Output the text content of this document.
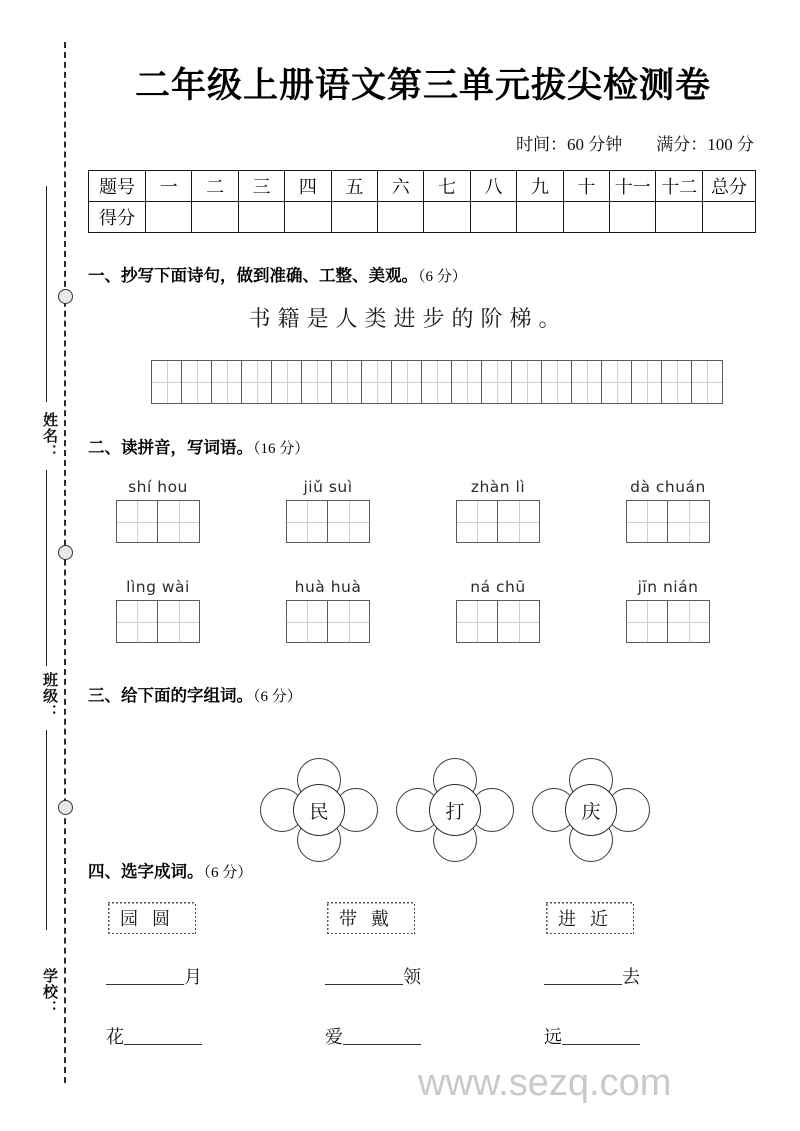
姓名：
班级：
学校：
二年级上册语文第三单元拔尖检测卷
时间：60 分钟 满分：100 分
题号	一	二	三	四	五	六	七	八	九	十	十一	十二	总分
得分													
一、抄写下面诗句，做到准确、工整、美观。（6 分）
书籍是人类进步的阶梯。
二、读拼音，写词语。（16 分）
shí hou	jiǔ suì	zhàn lì	dà chuán
lìng wài	huà huà	ná chū	jīn nián
三、给下面的字组词。（6 分）
民	打	庆
四、选字成词。（6 分）
园圆	带戴	进近
月	领	去
花	爱	远
www.sezq.com
